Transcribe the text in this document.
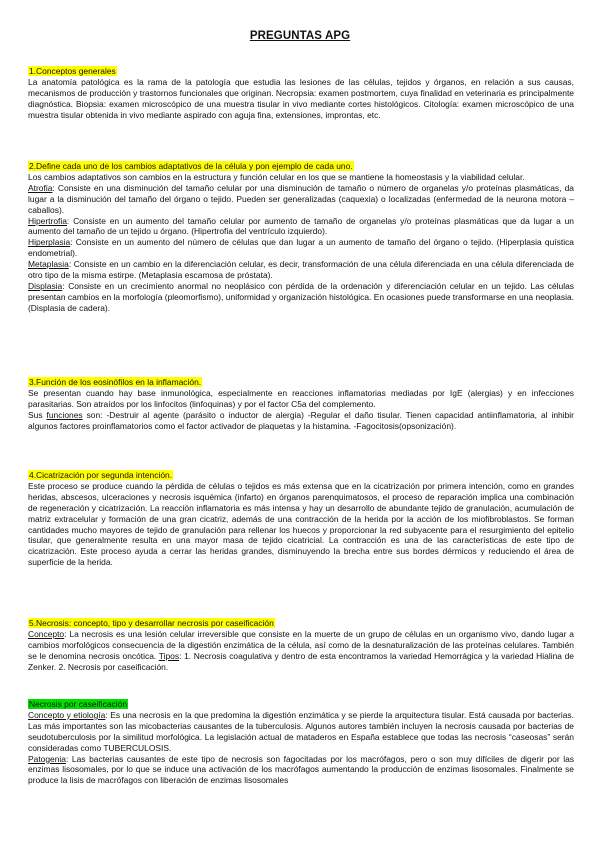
PREGUNTAS APG
1.Conceptos generales

La anatomía patológica es la rama de la patología que estudia las lesiones de las células, tejidos y órganos, en relación a sus causas, mecanismos de producción y trastornos funcionales que originan. Necropsia: examen postmortem, cuya finalidad en veterinaria es principalmente diagnóstica. Biopsia: examen microscópico de una muestra tisular in vivo mediante cortes histológicos. Citología: examen microscópico de una muestra tisular obtenida in vivo mediante aspirado con aguja fina, extensiones, improntas, etc.

2.Define cada uno de los cambios adaptativos de la célula y pon ejemplo de cada uno.

Los cambios adaptativos son cambios en la estructura y función celular en los que se mantiene la homeostasis y la viabilidad celular.

Atrofia: Consiste en una disminución del tamaño celular por una disminución de tamaño o número de organelas y/o proteínas plasmáticas, da lugar a la disminución del tamaño del órgano o tejido. Pueden ser generalizadas (caquexia) o localizadas (enfermedad de la neurona motora – caballos).

Hipertrofia: Consiste en un aumento del tamaño celular por aumento de tamaño de organelas y/o proteínas plasmáticas que da lugar a un aumento del tamaño de un tejido u órgano. (Hipertrofia del ventrículo izquierdo).

Hiperplasia: Consiste en un aumento del número de células que dan lugar a un aumento de tamaño del órgano o tejido. (Hiperplasia quística endometrial).

Metaplasia: Consiste en un cambio en la diferenciación celular, es decir, transformación de una célula diferenciada en una célula diferenciada de otro tipo de la misma estirpe. (Metaplasia escamosa de próstata).

Displasia: Consiste en un crecimiento anormal no neoplásico con pérdida de la ordenación y diferenciación celular en un tejido. Las células presentan cambios en la morfología (pleomorfismo), uniformidad y organización histológica. En ocasiones puede transformarse en una neoplasia. (Displasia de cadera).

3.Función de los eosinófilos en la inflamación.

Se presentan cuando hay base inmunológica, especialmente en reacciones inflamatorias mediadas por IgE (alergias) y en infecciones parasitarias. Son atraídos por los linfocitos (linfoquinas) y por el factor C5a del complemento.

Sus funciones son: -Destruir al agente (parásito o inductor de alergia) -Regular el daño tisular. Tienen capacidad antiinflamatoria, al inhibir algunos factores proinflamatorios como el factor activador de plaquetas y la histamina. -Fagocitosis(opsonización).

4.Cicatrización por segunda intención.

Este proceso se produce cuando la pérdida de células o tejidos es más extensa que en la cicatrización por primera intención, como en grandes heridas, abscesos, ulceraciones y necrosis isquémica (infarto) en órganos parenquimatosos, el proceso de reparación implica una combinación de regeneración y cicatrización. La reacción inflamatoria es más intensa y hay un desarrollo de abundante tejido de granulación, acumulación de matriz extracelular y formación de una gran cicatriz, además de una contracción de la herida por la acción de los miofibroblastos. Se forman cantidades mucho mayores de tejido de granulación para rellenar los huecos y proporcionar la red subyacente para el resurgimiento del epitelio tisular, que generalmente resulta en una mayor masa de tejido cicatricial. La contracción es una de las características de este tipo de cicatrización. Este proceso ayuda a cerrar las heridas grandes, disminuyendo la brecha entre sus bordes dérmicos y reduciendo el área de superficie de la herida.

5.Necrosis: concepto, tipo y desarrollar necrosis por caseificación

Concepto: La necrosis es una lesión celular irreversible que consiste en la muerte de un grupo de células en un organismo vivo, dando lugar a cambios morfológicos consecuencia de la digestión enzimática de la célula, así como de la desnaturalización de las proteínas celulares. También se le denomina necrosis oncótica. Tipos: 1. Necrosis coagulativa y dentro de esta encontramos la variedad Hemorrágica y la variedad Hialina de Zenker. 2. Necrosis por caseificación.

Necrosis por caseificación

Concepto y etiología: Es una necrosis en la que predomina la digestión enzimática y se pierde la arquitectura tisular. Está causada por bacterias. Las más importantes son las micobacterias causantes de la tuberculosis. Algunos autores también incluyen la necrosis causada por bacterias de seudotuberculosis por la similitud morfológica. La legislación actual de mataderos en España establece que todas las necrosis “caseosas” serán consideradas como TUBERCULOSIS.

Patogenia: Las bacterias causantes de este tipo de necrosis son fagocitadas por los macrófagos, pero o son muy difíciles de digerir por las enzimas lisosomales, por lo que se induce una activación de los macrófagos aumentando la producción de enzimas lisosomales. Finalmente se produce la lisis de macrófagos con liberación de enzimas lisosomales
